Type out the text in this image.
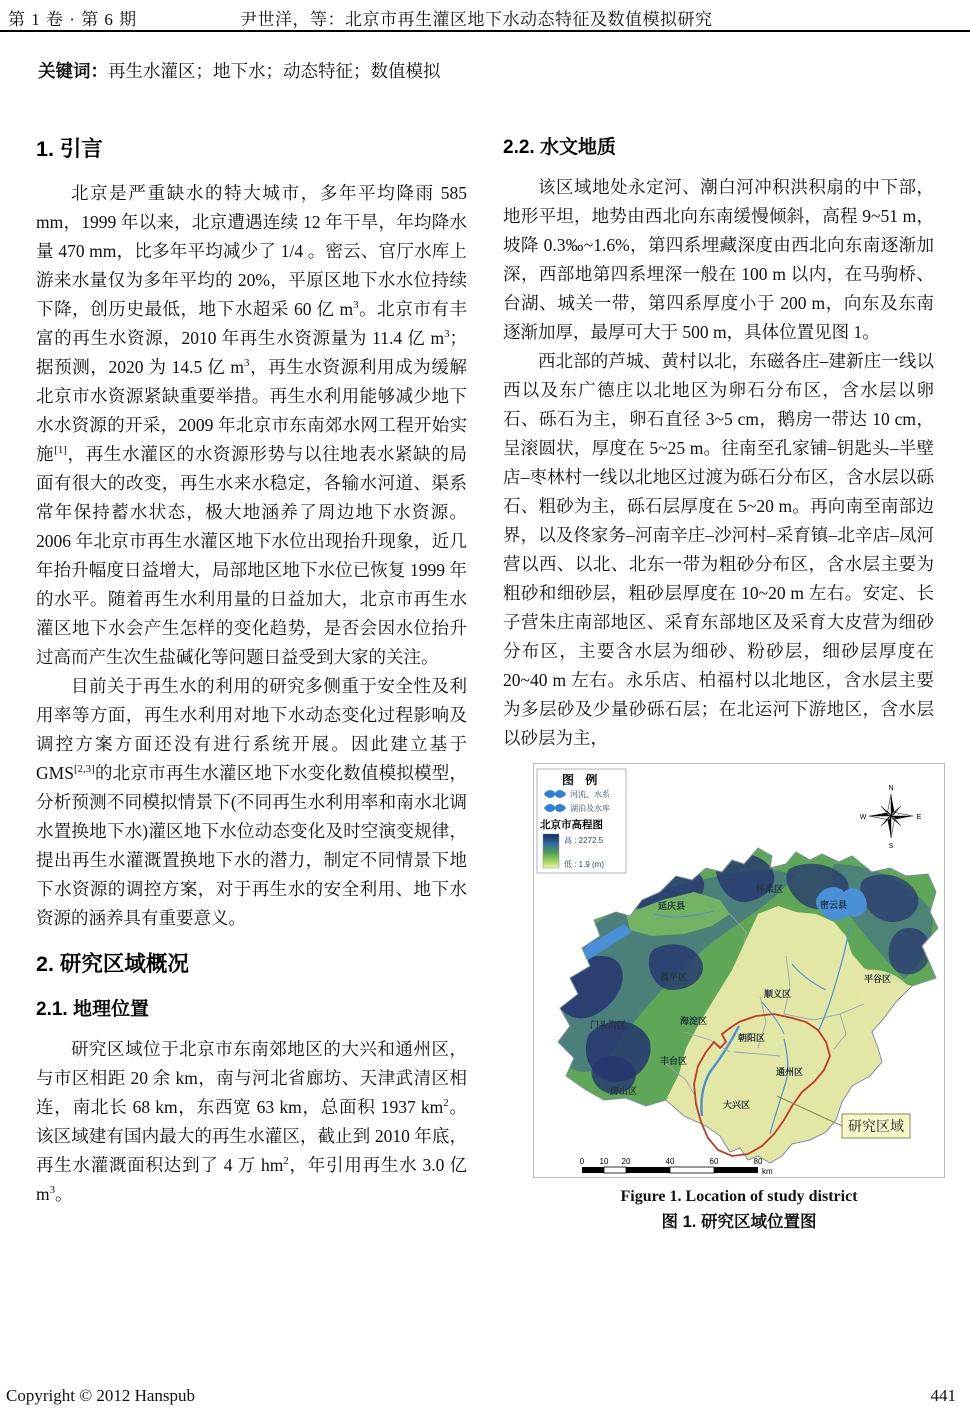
第 1 卷 · 第 6 期	尹世洋，等：北京市再生灌区地下水动态特征及数值模拟研究
关键词：再生水灌区；地下水；动态特征；数值模拟
1. 引言

北京是严重缺水的特大城市，多年平均降雨 585 mm，1999 年以来，北京遭遇连续 12 年干旱，年均降水量 470 mm，比多年平均减少了 1/4 。密云、官厅水库上游来水量仅为多年平均的 20%，平原区地下水水位持续下降，创历史最低，地下水超采 60 亿 $m^3$。北京市有丰富的再生水资源，2010 年再生水资源量为 11.4 亿 $m^3$；据预测，2020 为 14.5 亿 $m^3$，再生水资源利用成为缓解北京市水资源紧缺重要举措。再生水利用能够减少地下水水资源的开采，2009 年北京市东南郊水网工程开始实施[1]，再生水灌区的水资源形势与以往地表水紧缺的局面有很大的改变，再生水来水稳定，各输水河道、渠系常年保持蓄水状态，极大地涵养了周边地下水资源。2006 年北京市再生水灌区地下水位出现抬升现象，近几年抬升幅度日益增大，局部地区地下水位已恢复 1999 年的水平。随着再生水利用量的日益加大，北京市再生水灌区地下水会产生怎样的变化趋势，是否会因水位抬升过高而产生次生盐碱化等问题日益受到大家的关注。

目前关于再生水的利用的研究多侧重于安全性及利用率等方面，再生水利用对地下水动态变化过程影响及调控方案方面还没有进行系统开展。因此建立基于 GMS[2,3]的北京市再生水灌区地下水变化数值模拟模型，分析预测不同模拟情景下(不同再生水利用率和南水北调水置换地下水)灌区地下水位动态变化及时空演变规律，提出再生水灌溉置换地下水的潜力，制定不同情景下地下水资源的调控方案，对于再生水的安全利用、地下水资源的涵养具有重要意义。

2. 研究区域概况
2.1. 地理位置

研究区域位于北京市东南郊地区的大兴和通州区，与市区相距 20 余 km，南与河北省廊坊、天津武清区相连，南北长 68 km，东西宽 63 km，总面积 1937 $km^2$。该区域建有国内最大的再生水灌区，截止到 2010 年底，再生水灌溉面积达到了 4 万 $hm^2$，年引用再生水 3.0 亿 $m^3$。

2.2. 水文地质

该区域地处永定河、潮白河冲积洪积扇的中下部，地形平坦，地势由西北向东南缓慢倾斜，高程 9~51 m，坡降 0.3‰~1.6%，第四系埋藏深度由西北向东南逐渐加深，西部地第四系埋深一般在 100 m 以内，在马驹桥、台湖、城关一带，第四系厚度小于 200 m，向东及东南逐渐加厚，最厚可大于 500 m，具体位置见图 1。

西北部的芦城、黄村以北，东磁各庄–建新庄一线以西以及东广德庄以北地区为卵石分布区，含水层以卵石、砾石为主，卵石直径 3~5 cm，鹅房一带达 10 cm，呈滚圆状，厚度在 5~25 m。往南至孔家铺–钥匙头–半壁店–枣林村一线以北地区过渡为砾石分布区，含水层以砾石、粗砂为主，砾石层厚度在 5~20 m。再向南至南部边界，以及佟家务–河南辛庄–沙河村–采育镇–北辛店–凤河营以西、以北、北东一带为粗砂分布区，含水层主要为粗砂和细砂层，粗砂层厚度在 10~20 m 左右。安定、长子营朱庄南部地区、采育东部地区及采育大皮营为细砂分布区，主要含水层为细砂、粉砂层，细砂层厚度在 20~40 m 左右。永乐店、柏福村以北地区，含水层主要为多层砂及少量砂砾石层；在北运河下游地区，含水层以砂层为主，

延庆县
怀柔区
密云县
平谷区
昌平区
顺义区
门头沟区	海淀区
朝阳区
丰台区
通州区
房山区
大兴区
研究区域
图 例
河流、水系
湖泊及水库
北京市高程图
高 : 2272.5
低 : 1.9 (m)
N
E
S
W
0 10 20	40	60	80
km
Figure 1. Location of study district
图 1. 研究区域位置图
Copyright © 2012 Hanspub	441
